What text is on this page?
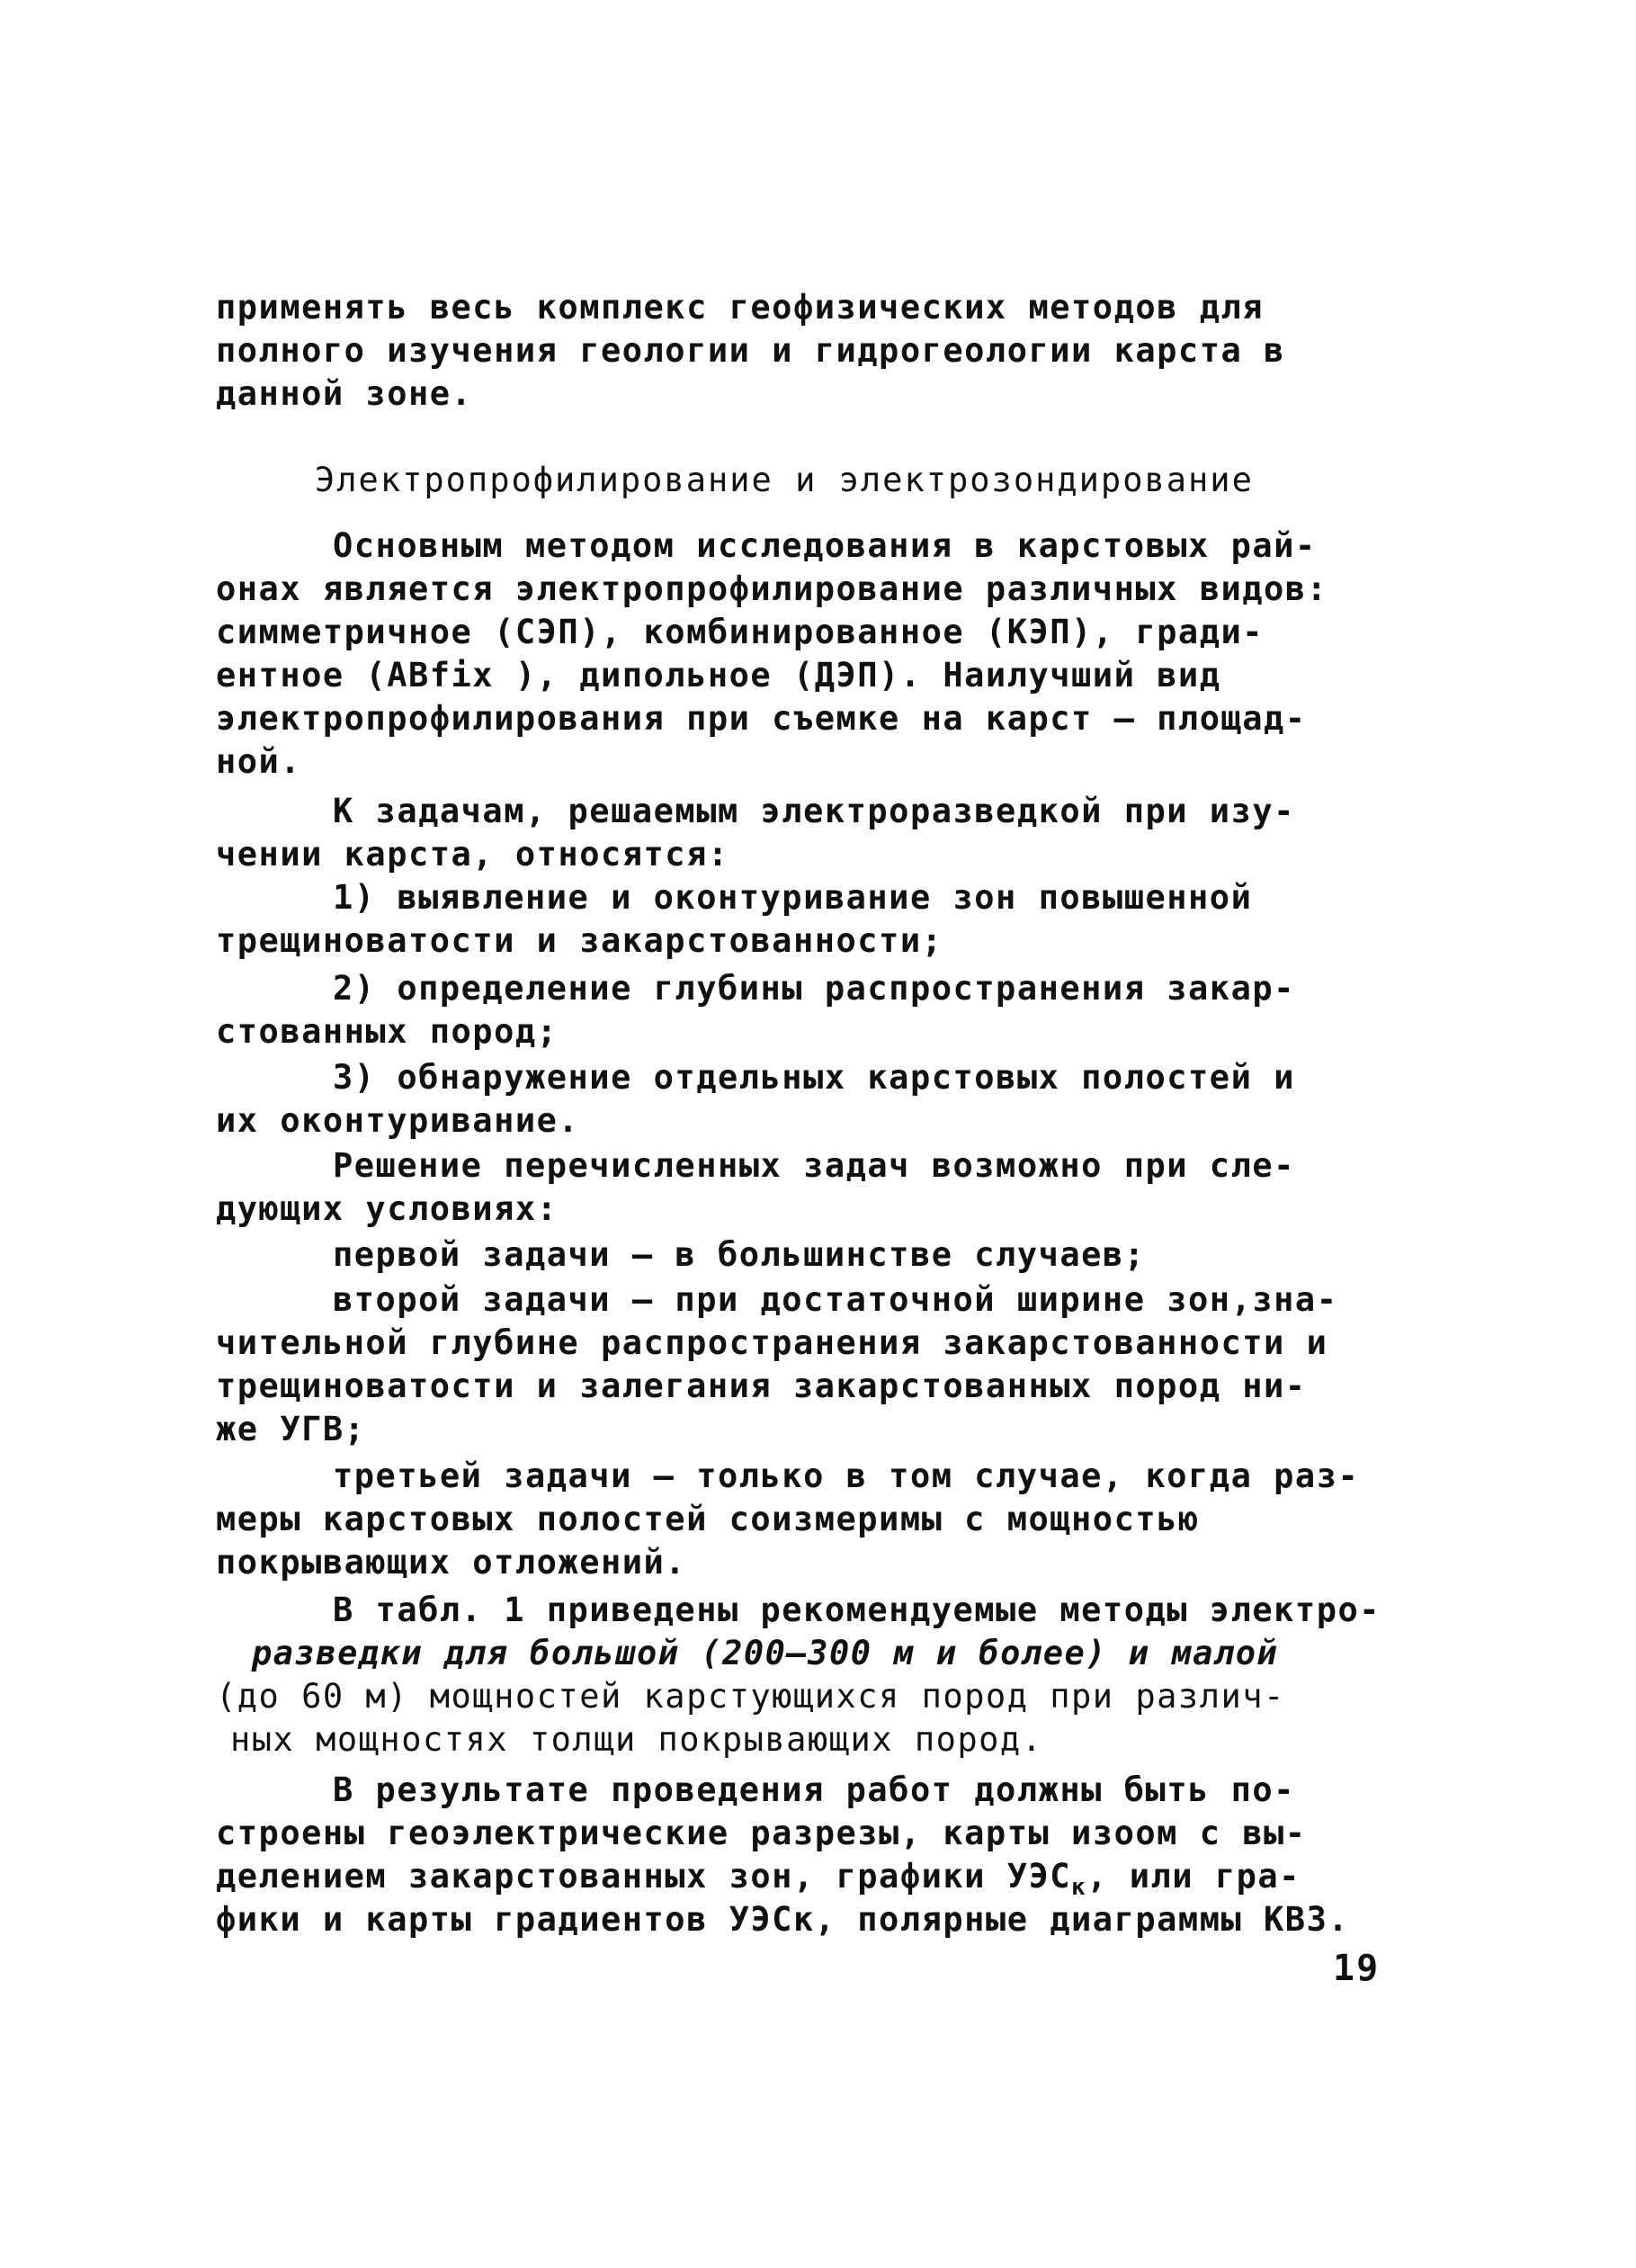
применять весь комплекс геофизических методов для
полного изучения геологии и гидрогеологии карста в
данной зоне.
Электропрофилирование и электрозондирование
Основным методом исследования в карстовых рай-
онах является электропрофилирование различных видов:
симметричное (СЭП), комбинированное (КЭП), гради-
ентное (ABfix ), дипольное (ДЭП). Наилучший вид
электропрофилирования при съемке на карст – площад-
ной.
К задачам, решаемым электроразведкой при изу-
чении карста, относятся:
1) выявление и оконтуривание зон повышенной
трещиноватости и закарстованности;
2) определение глубины распространения закар-
стованных пород;
3) обнаружение отдельных карстовых полостей и
их оконтуривание.
Решение перечисленных задач возможно при сле-
дующих условиях:
первой задачи – в большинстве случаев;
второй задачи – при достаточной ширине зон,зна-
чительной глубине распространения закарстованности и
трещиноватости и залегания закарстованных пород ни-
же УГВ;
третьей задачи – только в том случае, когда раз-
меры карстовых полостей соизмеримы с мощностью
покрывающих отложений.
В табл. 1 приведены рекомендуемые методы электро-
разведки для большой (200–300 м и более) и малой
(до 60 м) мощностей карстующихся пород при различ-
ных мощностях толщи покрывающих пород.
В результате проведения работ должны быть по-
строены геоэлектрические разрезы, карты изоом с вы-
делением закарстованных зон, графики $УЭС_к$, или гра-
фики и карты градиентов УЭСк, полярные диаграммы КВЗ.
19
